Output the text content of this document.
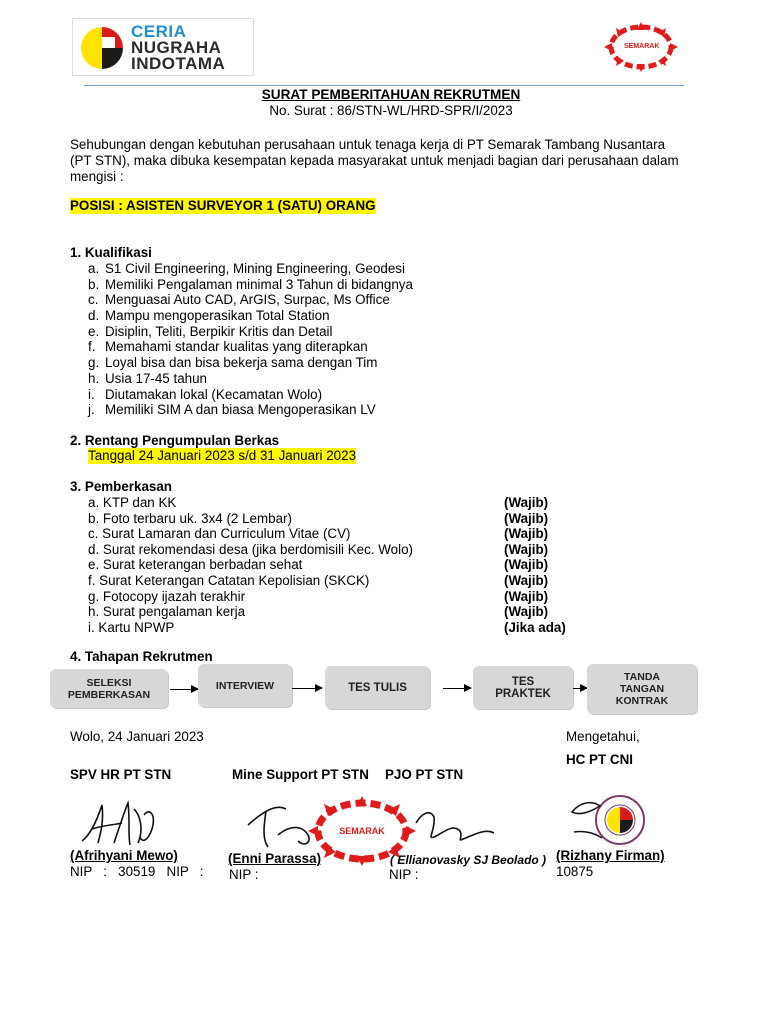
CERIA
NUGRAHA
INDOTAMA
SEMARAK
SURAT PEMBERITAHUAN REKRUTMEN
No. Surat : 86/STN-WL/HRD-SPR/I/2023
Sehubungan dengan kebutuhan perusahaan untuk tenaga kerja di PT Semarak Tambang Nusantara
(PT STN), maka dibuka kesempatan kepada masyarakat untuk menjadi bagian dari perusahaan dalam
mengisi :
POSISI : ASISTEN SURVEYOR 1 (SATU) ORANG
1. Kualifikasi
a. S1 Civil Engineering, Mining Engineering, Geodesi
b. Memiliki Pengalaman minimal 3 Tahun di bidangnya
c. Menguasai Auto CAD, ArGIS, Surpac, Ms Office
d. Mampu mengoperasikan Total Station
e. Disiplin, Teliti, Berpikir Kritis dan Detail
f. Memahami standar kualitas yang diterapkan
g. Loyal bisa dan bisa bekerja sama dengan Tim
h. Usia 17-45 tahun
i. Diutamakan lokal (Kecamatan Wolo)
j. Memiliki SIM A dan biasa Mengoperasikan LV
2. Rentang Pengumpulan Berkas
Tanggal 24 Januari 2023 s/d 31 Januari 2023
3. Pemberkasan
a. KTP dan KK	(Wajib)
b. Foto terbaru uk. 3x4 (2 Lembar)	(Wajib)
c. Surat Lamaran dan Curriculum Vitae (CV)	(Wajib)
d. Surat rekomendasi desa (jika berdomisili Kec. Wolo)	(Wajib)
e. Surat keterangan berbadan sehat	(Wajib)
f. Surat Keterangan Catatan Kepolisian (SKCK)	(Wajib)
g. Fotocopy ijazah terakhir	(Wajib)
h. Surat pengalaman kerja	(Wajib)
i. Kartu NPWP	(Jika ada)
4. Tahapan Rekrutmen
SELEKSI
PEMBERKASAN
INTERVIEW	TES TULIS	TES
PRAKTEK
TANDA
TANGAN
KONTRAK
Wolo, 24 Januari 2023	Mengetahui,
HC PT CNI
SPV HR PT STN	Mine Support PT STN PJO PT STN
SEMARAK
(Afrihyani Mewo)	(Enni Parassa)	( Ellianovasky SJ Beolado ) (Rizhany Firman)
NIP   :   30519   NIP   : NIP :	NIP :	10875
